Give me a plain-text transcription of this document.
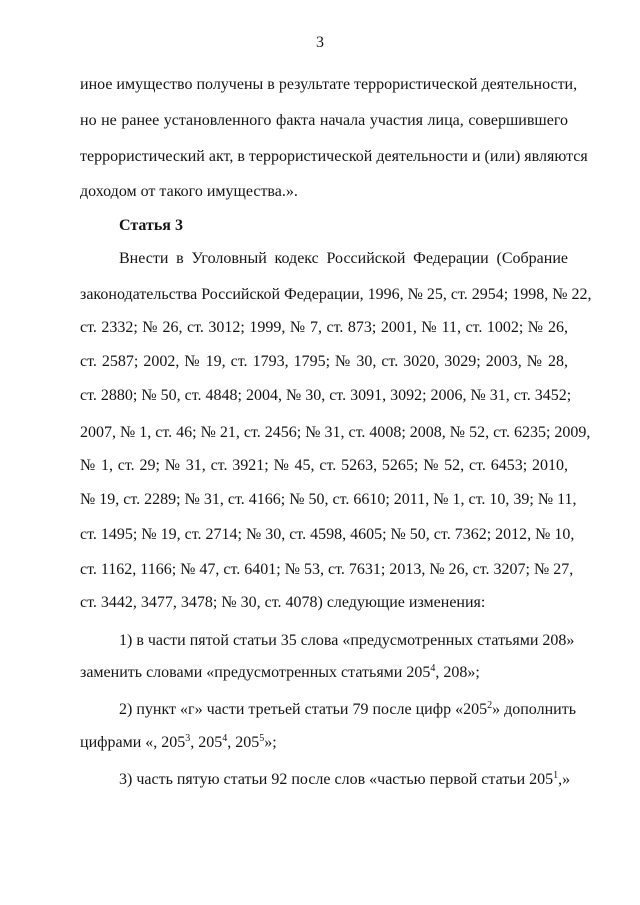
3
иное имущество получены в результате террористической деятельности,
но не ранее установленного факта начала участия лица, совершившего
террористический акт, в террористической деятельности и (или) являются
доходом от такого имущества.».
Статья 3
Внести в Уголовный кодекс Российской Федерации (Собрание
законодательства Российской Федерации, 1996, № 25, ст. 2954; 1998, № 22,
ст. 2332; № 26, ст. 3012; 1999, № 7, ст. 873; 2001, № 11, ст. 1002; № 26,
ст. 2587; 2002, № 19, ст. 1793, 1795; № 30, ст. 3020, 3029; 2003, № 28,
ст. 2880; № 50, ст. 4848; 2004, № 30, ст. 3091, 3092; 2006, № 31, ст. 3452;
2007, № 1, ст. 46; № 21, ст. 2456; № 31, ст. 4008; 2008, № 52, ст. 6235; 2009,
№ 1, ст. 29; № 31, ст. 3921; № 45, ст. 5263, 5265; № 52, ст. 6453; 2010,
№ 19, ст. 2289; № 31, ст. 4166; № 50, ст. 6610; 2011, № 1, ст. 10, 39; № 11,
ст. 1495; № 19, ст. 2714; № 30, ст. 4598, 4605; № 50, ст. 7362; 2012, № 10,
ст. 1162, 1166; № 47, ст. 6401; № 53, ст. 7631; 2013, № 26, ст. 3207; № 27,
ст. 3442, 3477, 3478; № 30, ст. 4078) следующие изменения:
1) в части пятой статьи 35 слова «предусмотренных статьями 208»
заменить словами «предусмотренных статьями $205^4$, 208»;
2) пункт «г» части третьей статьи 79 после цифр «$205^2$» дополнить
цифрами «, $205^3$, $205^4$, $205^5$»;
3) часть пятую статьи 92 после слов «частью первой статьи $205^1$,»
